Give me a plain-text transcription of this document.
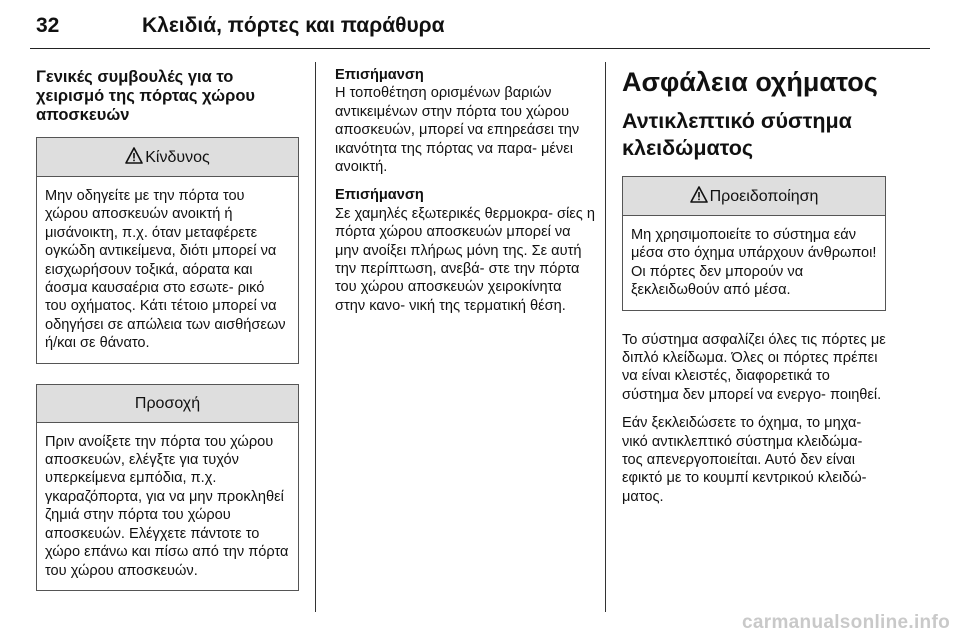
32	Κλειδιά, πόρτες και παράθυρα
Γενικές συμβουλές για το χειρισμό της πόρτας χώρου αποσκευών
Κίνδυνος
Μην οδηγείτε με την πόρτα του χώρου αποσκευών ανοικτή ή μισάνοικτη, π.χ. όταν μεταφέρετε ογκώδη αντικείμενα, διότι μπορεί να εισχωρήσουν τοξικά, αόρατα και άοσμα καυσαέρια στο εσωτε‐ ρικό του οχήματος. Κάτι τέτοιο μπορεί να οδηγήσει σε απώλεια των αισθήσεων ή/και σε θάνατο.
Προσοχή
Πριν ανοίξετε την πόρτα του χώρου αποσκευών, ελέγξτε για τυχόν υπερκείμενα εμπόδια, π.χ. γκαραζόπορτα, για να μην προκληθεί ζημιά στην πόρτα του χώρου αποσκευών. Ελέγχετε πάντοτε το χώρο επάνω και πίσω από την πόρτα του χώρου αποσκευών.
Επισήμανση
Η τοποθέτηση ορισμένων βαριών αντικειμένων στην πόρτα του χώρου αποσκευών, μπορεί να επηρεάσει την ικανότητα της πόρτας να παρα‐ μένει ανοικτή.
Επισήμανση
Σε χαμηλές εξωτερικές θερμοκρα‐ σίες η πόρτα χώρου αποσκευών μπορεί να μην ανοίξει πλήρως μόνη της. Σε αυτή την περίπτωση, ανεβά‐ στε την πόρτα του χώρου αποσκευών χειροκίνητα στην κανο‐ νική της τερματική θέση.
Ασφάλεια οχήματος
Αντικλεπτικό σύστημα κλειδώματος
Προειδοποίηση
Μη χρησιμοποιείτε το σύστημα εάν μέσα στο όχημα υπάρχουν άνθρωποι! Οι πόρτες δεν μπορούν να ξεκλειδωθούν από μέσα.

Το σύστημα ασφαλίζει όλες τις πόρτες με διπλό κλείδωμα. Όλες οι πόρτες πρέπει να είναι κλειστές, διαφορετικά το σύστημα δεν μπορεί να ενεργο‐ ποιηθεί.

Εάν ξεκλειδώσετε το όχημα, το μηχα‐ νικό αντικλεπτικό σύστημα κλειδώμα‐ τος απενεργοποιείται. Αυτό δεν είναι εφικτό με το κουμπί κεντρικού κλειδώ‐ ματος.

carmanualsonline.info
